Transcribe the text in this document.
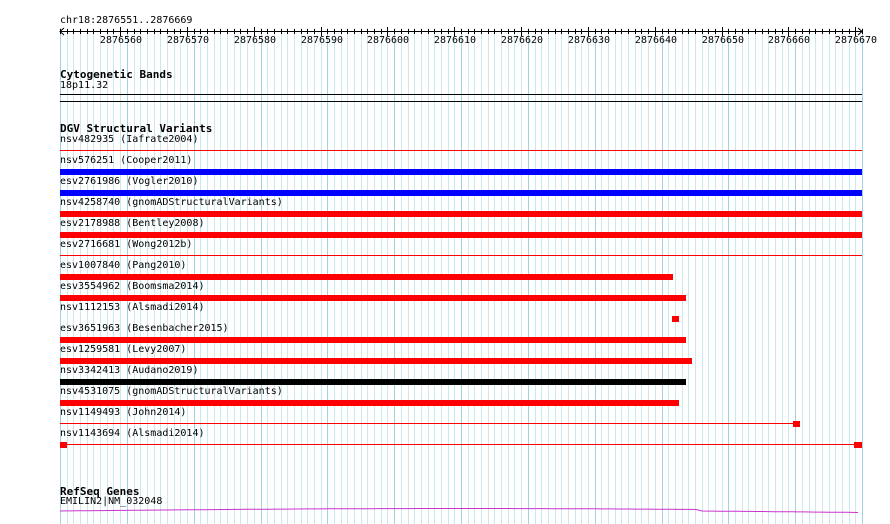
chr18:2876551..2876669
2876560 2876570 2876580 2876590 2876600 2876610 2876620 2876630 2876640 2876650 2876660 2876670
Cytogenetic Bands
18p11.32
DGV Structural Variants
nsv482935 (Iafrate2004)
nsv576251 (Cooper2011)
esv2761986 (Vogler2010)
nsv4258740 (gnomADStructuralVariants)
esv2178988 (Bentley2008)
esv2716681 (Wong2012b)
esv1007840 (Pang2010)
esv3554962 (Boomsma2014)
nsv1112153 (Alsmadi2014)
esv3651963 (Besenbacher2015)
esv1259581 (Levy2007)
nsv3342413 (Audano2019)
nsv4531075 (gnomADStructuralVariants)
nsv1149493 (John2014)
nsv1143694 (Alsmadi2014)
RefSeq Genes
EMILIN2|NM_032048
